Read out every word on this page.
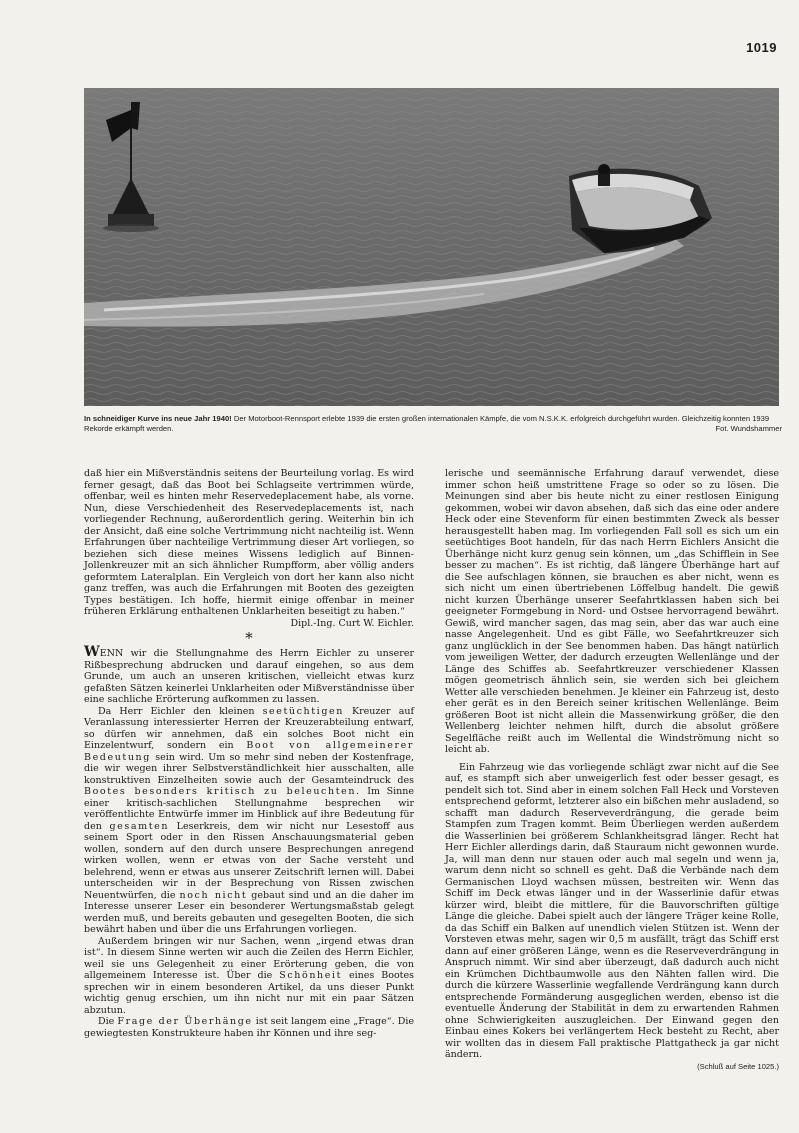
1019
In schneidiger Kurve ins neue Jahr 1940! Der Motorboot-Rennsport erlebte 1939 die ersten großen internationalen Kämpfe, die vom N.S.K.K. erfolgreich durchgeführt wurden. Gleichzeitig konnten 1939 Rekorde erkämpft werden.	Fot. Wundshammer

daß hier ein Mißverständnis seitens der Beurteilung vorlag. Es wird ferner gesagt, daß das Boot bei Schlagseite vertrimmen würde, offenbar, weil es hinten mehr Reservedeplacement habe, als vorne. Nun, diese Verschiedenheit des Reservedeplacements ist, nach vorliegender Rechnung, außerordentlich gering. Weiterhin bin ich der Ansicht, daß eine solche Vertrimmung nicht nachteilig ist. Wenn Erfahrungen über nachteilige Vertrimmung dieser Art vorliegen, so beziehen sich diese meines Wissens lediglich auf Binnen-Jollenkreuzer mit an sich ähnlicher Rumpfform, aber völlig anders geformtem Lateralplan. Ein Vergleich von dort her kann also nicht ganz treffen, was auch die Erfahrungen mit Booten des gezeigten Types bestätigen. Ich hoffe, hiermit einige offenbar in meiner früheren Erklärung enthaltenen Unklarheiten beseitigt zu haben.“

Dipl.-Ing. Curt W. Eichler.

*

WENN wir die Stellungnahme des Herrn Eichler zu unserer Rißbesprechung abdrucken und darauf eingehen, so aus dem Grunde, um auch an unseren kritischen, vielleicht etwas kurz gefaßten Sätzen keinerlei Unklarheiten oder Mißverständnisse über eine sachliche Erörterung aufkommen zu lassen.

Da Herr Eichler den kleinen seetüchtigen Kreuzer auf Veranlassung interessierter Herren der Kreuzerabteilung entwarf, so dürfen wir annehmen, daß ein solches Boot nicht ein Einzelentwurf, sondern ein Boot von allgemeinerer Bedeutung sein wird. Um so mehr sind neben der Kostenfrage, die wir wegen ihrer Selbstverständlichkeit hier ausschalten, alle konstruktiven Einzelheiten sowie auch der Gesamteindruck des Bootes besonders kritisch zu beleuchten. Im Sinne einer kritisch-sachlichen Stellungnahme besprechen wir veröffentlichte Entwürfe immer im Hinblick auf ihre Bedeutung für den gesamten Leserkreis, dem wir nicht nur Lesestoff aus seinem Sport oder in den Rissen Anschauungsmaterial geben wollen, sondern auf den durch unsere Besprechungen anregend wirken wollen, wenn er etwas von der Sache versteht und belehrend, wenn er etwas aus unserer Zeitschrift lernen will. Dabei unterscheiden wir in der Besprechung von Rissen zwischen Neuentwürfen, die noch nicht gebaut sind und an die daher im Interesse unserer Leser ein besonderer Wertungsmaßstab gelegt werden muß, und bereits gebauten und gesegelten Booten, die sich bewährt haben und über die uns Erfahrungen vorliegen.

Außerdem bringen wir nur Sachen, wenn „irgend etwas dran ist“. In diesem Sinne werten wir auch die Zeilen des Herrn Eichler, weil sie uns Gelegenheit zu einer Erörterung geben, die von allgemeinem Interesse ist. Über die Schönheit eines Bootes sprechen wir in einem besonderen Artikel, da uns dieser Punkt wichtig genug erschien, um ihn nicht nur mit ein paar Sätzen abzutun.

Die Frage der Überhänge ist seit langem eine „Frage“. Die gewiegtesten Konstrukteure haben ihr Können und ihre seg-

lerische und seemännische Erfahrung darauf verwendet, diese immer schon heiß umstrittene Frage so oder so zu lösen. Die Meinungen sind aber bis heute nicht zu einer restlosen Einigung gekommen, wobei wir davon absehen, daß sich das eine oder andere Heck oder eine Stevenform für einen bestimmten Zweck als besser herausgestellt haben mag. Im vorliegenden Fall soll es sich um ein seetüchtiges Boot handeln, für das nach Herrn Eichlers Ansicht die Überhänge nicht kurz genug sein können, um „das Schifflein in See besser zu machen“. Es ist richtig, daß längere Überhänge hart auf die See aufschlagen können, sie brauchen es aber nicht, wenn es sich nicht um einen übertriebenen Löffelbug handelt. Die gewiß nicht kurzen Überhänge unserer Seefahrtklassen haben sich bei geeigneter Formgebung in Nord- und Ostsee hervorragend bewährt. Gewiß, wird mancher sagen, das mag sein, aber das war auch eine nasse Angelegenheit. Und es gibt Fälle, wo Seefahrtkreuzer sich ganz unglücklich in der See benommen haben. Das hängt natürlich vom jeweiligen Wetter, der dadurch erzeugten Wellenlänge und der Länge des Schiffes ab. Seefahrtkreuzer verschiedener Klassen mögen geometrisch ähnlich sein, sie werden sich bei gleichem Wetter alle verschieden benehmen. Je kleiner ein Fahrzeug ist, desto eher gerät es in den Bereich seiner kritischen Wellenlänge. Beim größeren Boot ist nicht allein die Massenwirkung größer, die den Wellenberg leichter nehmen hilft, durch die absolut größere Segelfläche reißt auch im Wellental die Windströmung nicht so leicht ab.

Ein Fahrzeug wie das vorliegende schlägt zwar nicht auf die See auf, es stampft sich aber unweigerlich fest oder besser gesagt, es pendelt sich tot. Sind aber in einem solchen Fall Heck und Vorsteven entsprechend geformt, letzterer also ein bißchen mehr ausladend, so schafft man dadurch Reserveverdrängung, die gerade beim Stampfen zum Tragen kommt. Beim Überliegen werden außerdem die Wasserlinien bei größerem Schlankheitsgrad länger. Recht hat Herr Eichler allerdings darin, daß Stauraum nicht gewonnen wurde. Ja, will man denn nur stauen oder auch mal segeln und wenn ja, warum denn nicht so schnell es geht. Daß die Verbände nach dem Germanischen Lloyd wachsen müssen, bestreiten wir. Wenn das Schiff im Deck etwas länger und in der Wasserlinie dafür etwas kürzer wird, bleibt die mittlere, für die Bauvorschriften gültige Länge die gleiche. Dabei spielt auch der längere Träger keine Rolle, da das Schiff ein Balken auf unendlich vielen Stützen ist. Wenn der Vorsteven etwas mehr, sagen wir 0,5 m ausfällt, trägt das Schiff erst dann auf einer größeren Länge, wenn es die Reserveverdrängung in Anspruch nimmt. Wir sind aber überzeugt, daß dadurch auch nicht ein Krümchen Dichtbaumwolle aus den Nähten fallen wird. Die durch die kürzere Wasserlinie wegfallende Verdrängung kann durch entsprechende Formänderung ausgeglichen werden, ebenso ist die eventuelle Änderung der Stabilität in dem zu erwartenden Rahmen ohne Schwierigkeiten auszugleichen. Der Einwand gegen den Einbau eines Kokers bei verlängertem Heck besteht zu Recht, aber wir wollten das in diesem Fall praktische Plattgatheck ja gar nicht ändern.

(Schluß auf Seite 1025.)
